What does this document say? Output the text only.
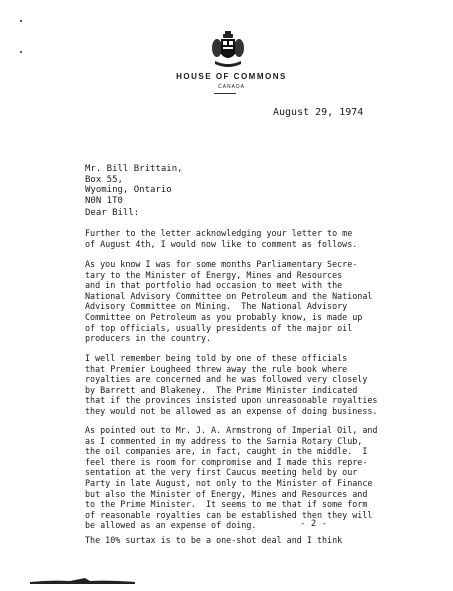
HOUSE OF COMMONS
CANADA
August 29, 1974
Mr. Bill Brittain,
Box 55,
Wyoming, Ontario
N0N 1T0
Dear Bill:
Further to the letter acknowledging your letter to me
of August 4th, I would now like to comment as follows.
As you know I was for some months Parliamentary Secre-
tary to the Minister of Energy, Mines and Resources
and in that portfolio had occasion to meet with the
National Advisory Committee on Petroleum and the National
Advisory Committee on Mining.  The National Advisory
Committee on Petroleum as you probably know, is made up
of top officials, usually presidents of the major oil
producers in the country.
I well remember being told by one of these officials
that Premier Lougheed threw away the rule book where
royalties are concerned and he was followed very closely
by Barrett and Blakeney.  The Prime Minister indicated
that if the provinces insisted upon unreasonable royalties
they would not be allowed as an expense of doing business.
As pointed out to Mr. J. A. Armstrong of Imperial Oil, and
as I commented in my address to the Sarnia Rotary Club,
the oil companies are, in fact, caught in the middle.  I
feel there is room for compromise and I made this repre-
sentation at the very first Caucus meeting held by our
Party in late August, not only to the Minister of Finance
but also the Minister of Energy, Mines and Resources and
to the Prime Minister.  It seems to me that if some form
of reasonable royalties can be established then they will
be allowed as an expense of doing.
The 10% surtax is to be a one-shot deal and I think
- 2 -
